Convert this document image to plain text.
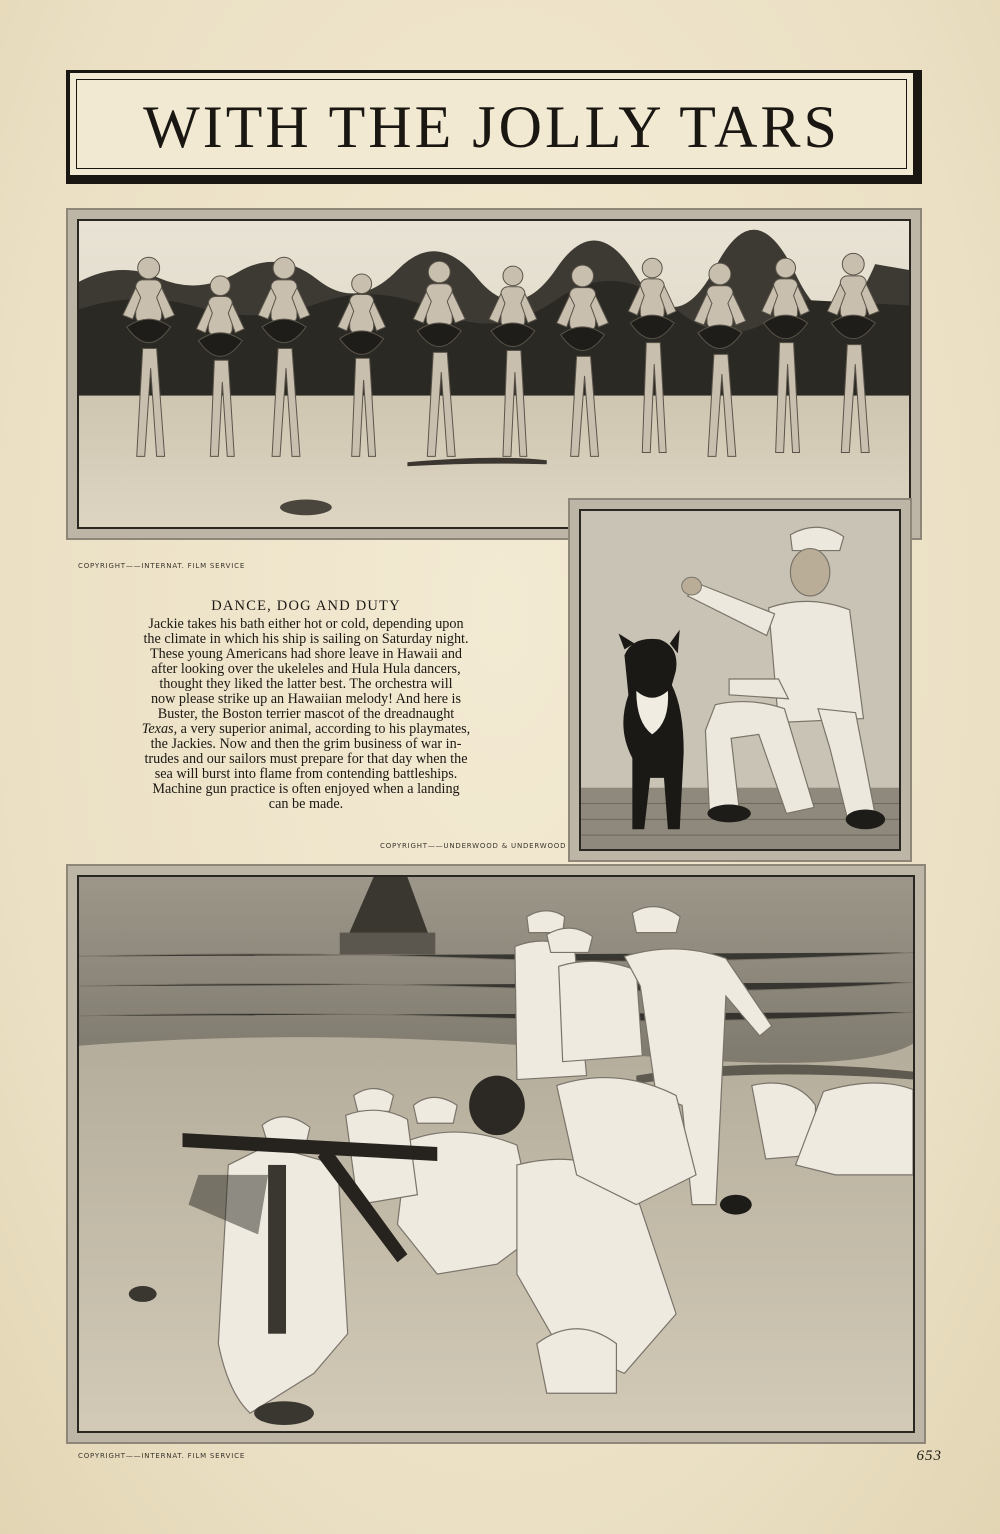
WITH THE JOLLY TARS
COPYRIGHT——INTERNAT. FILM SERVICE
COPYRIGHT——UNDERWOOD & UNDERWOOD
DANCE, DOG AND DUTY

Jackie takes his bath either hot or cold, depending upon
the climate in which his ship is sailing on Saturday night.
These young Americans had shore leave in Hawaii and
after looking over the ukeleles and Hula Hula dancers,
thought they liked the latter best. The orchestra will
now please strike up an Hawaiian melody! And here is
Buster, the Boston terrier mascot of the dreadnaught
Texas, a very superior animal, according to his playmates,
the Jackies. Now and then the grim business of war in-
trudes and our sailors must prepare for that day when the
sea will burst into flame from contending battleships.
Machine gun practice is often enjoyed when a landing
can be made.

COPYRIGHT——INTERNAT. FILM SERVICE	653
